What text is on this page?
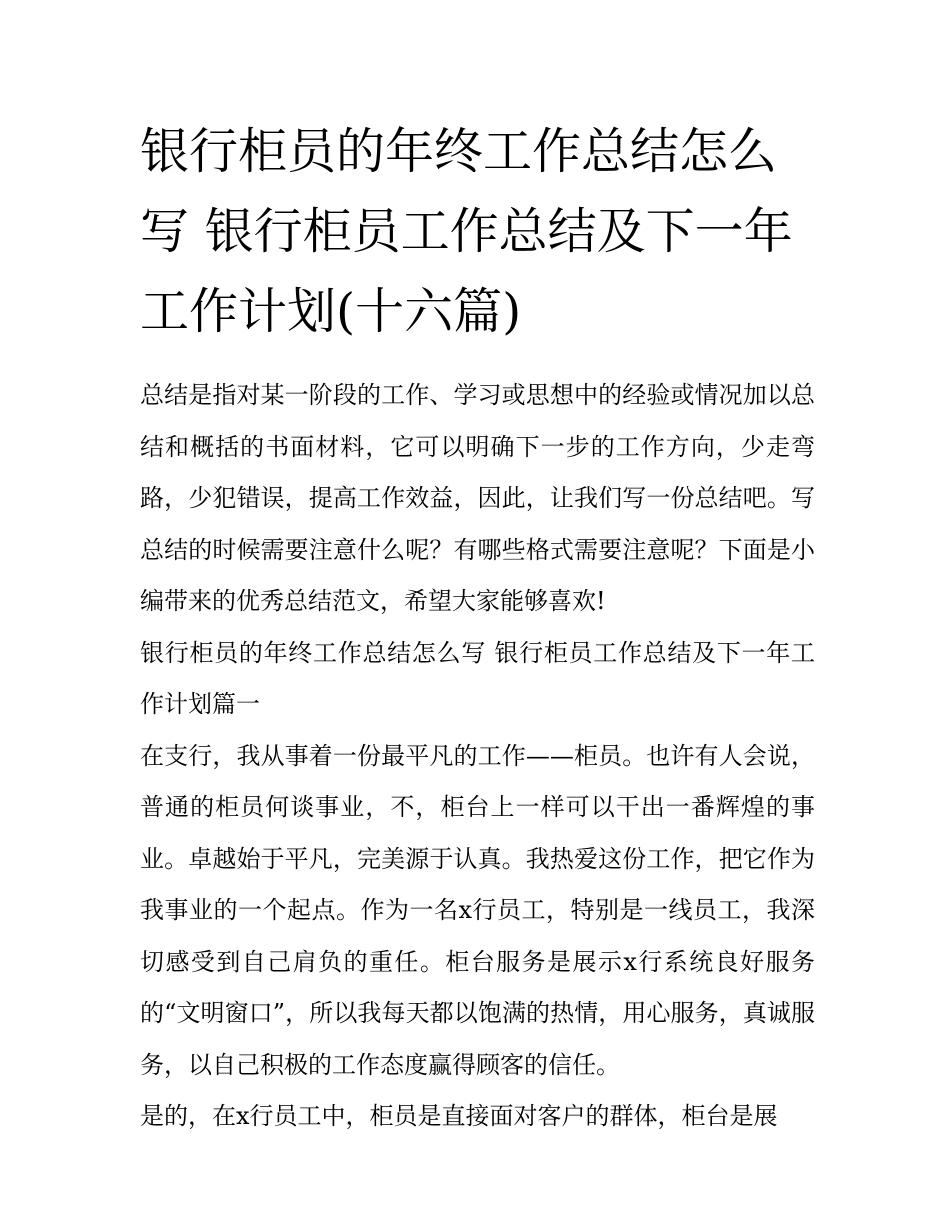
银行柜员的年终工作总结怎么写 银行柜员工作总结及下一年工作计划(十六篇)

总结是指对某一阶段的工作、学习或思想中的经验或情况加以总结和概括的书面材料，它可以明确下一步的工作方向，少走弯路，少犯错误，提高工作效益，因此，让我们写一份总结吧。写总结的时候需要注意什么呢？有哪些格式需要注意呢？下面是小编带来的优秀总结范文，希望大家能够喜欢!

银行柜员的年终工作总结怎么写 银行柜员工作总结及下一年工作计划篇一

在支行，我从事着一份最平凡的工作——柜员。也许有人会说，普通的柜员何谈事业，不，柜台上一样可以干出一番辉煌的事业。卓越始于平凡，完美源于认真。我热爱这份工作，把它作为我事业的一个起点。作为一名x行员工，特别是一线员工，我深切感受到自己肩负的重任。柜台服务是展示x行系统良好服务的“文明窗口”，所以我每天都以饱满的热情，用心服务，真诚服务，以自己积极的工作态度赢得顾客的信任。

是的，在x行员工中，柜员是直接面对客户的群体，柜台是展
